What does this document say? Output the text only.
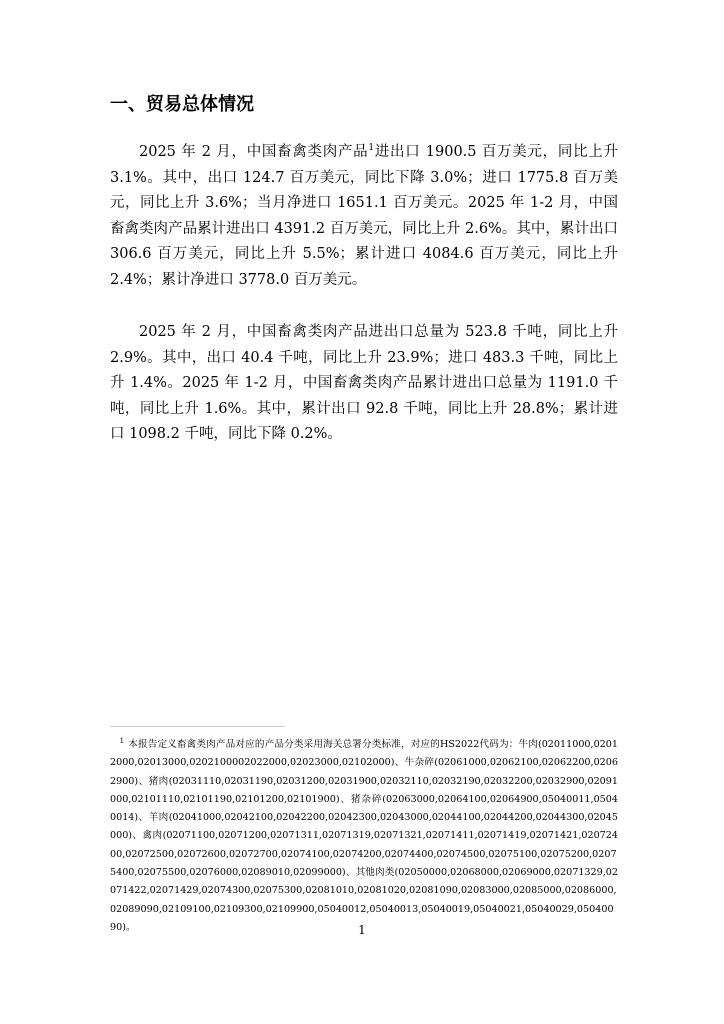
一、贸易总体情况

2025 年 2 月，中国畜禽类肉产品$^1$进出口 1900.5 百万美元，同比上升 3.1%。其中，出口 124.7 百万美元，同比下降 3.0%；进口 1775.8 百万美元，同比上升 3.6%；当月净进口 1651.1 百万美元。2025 年 1-2 月，中国畜禽类肉产品累计进出口 4391.2 百万美元，同比上升 2.6%。其中，累计出口 306.6 百万美元，同比上升 5.5%；累计进口 4084.6 百万美元，同比上升 2.4%；累计净进口 3778.0 百万美元。

2025 年 2 月，中国畜禽类肉产品进出口总量为 523.8 千吨，同比上升 2.9%。其中，出口 40.4 千吨，同比上升 23.9%；进口 483.3 千吨，同比上升 1.4%。2025 年 1-2 月，中国畜禽类肉产品累计进出口总量为 1191.0 千吨，同比上升 1.6%。其中，累计出口 92.8 千吨，同比上升 28.8%；累计进口 1098.2 千吨，同比下降 0.2%。

$^1$ 本报告定义畜禽类肉产品对应的产品分类采用海关总署分类标准，对应的HS2022代码为：牛肉(02011000,02012000,02013000,0202100002022000,02023000,02102000)、牛杂碎(02061000,02062100,02062200,02062900)、猪肉(02031110,02031190,02031200,02031900,02032110,02032190,02032200,02032900,02091000,02101110,02101190,02101200,02101900)、猪杂碎(02063000,02064100,02064900,05040011,05040014)、羊肉(02041000,02042100,02042200,02042300,02043000,02044100,02044200,02044300,02045000)、禽肉(02071100,02071200,02071311,02071319,02071321,02071411,02071419,02071421,02072400,02072500,02072600,02072700,02074100,02074200,02074400,02074500,02075100,02075200,02075400,02075500,02076000,02089010,02099000)、其他肉类(02050000,02068000,02069000,02071329,02071422,02071429,02074300,02075300,02081010,02081020,02081090,02083000,02085000,02086000,02089090,02109100,02109300,02109900,05040012,05040013,05040019,05040021,05040029,05040090)。	1
